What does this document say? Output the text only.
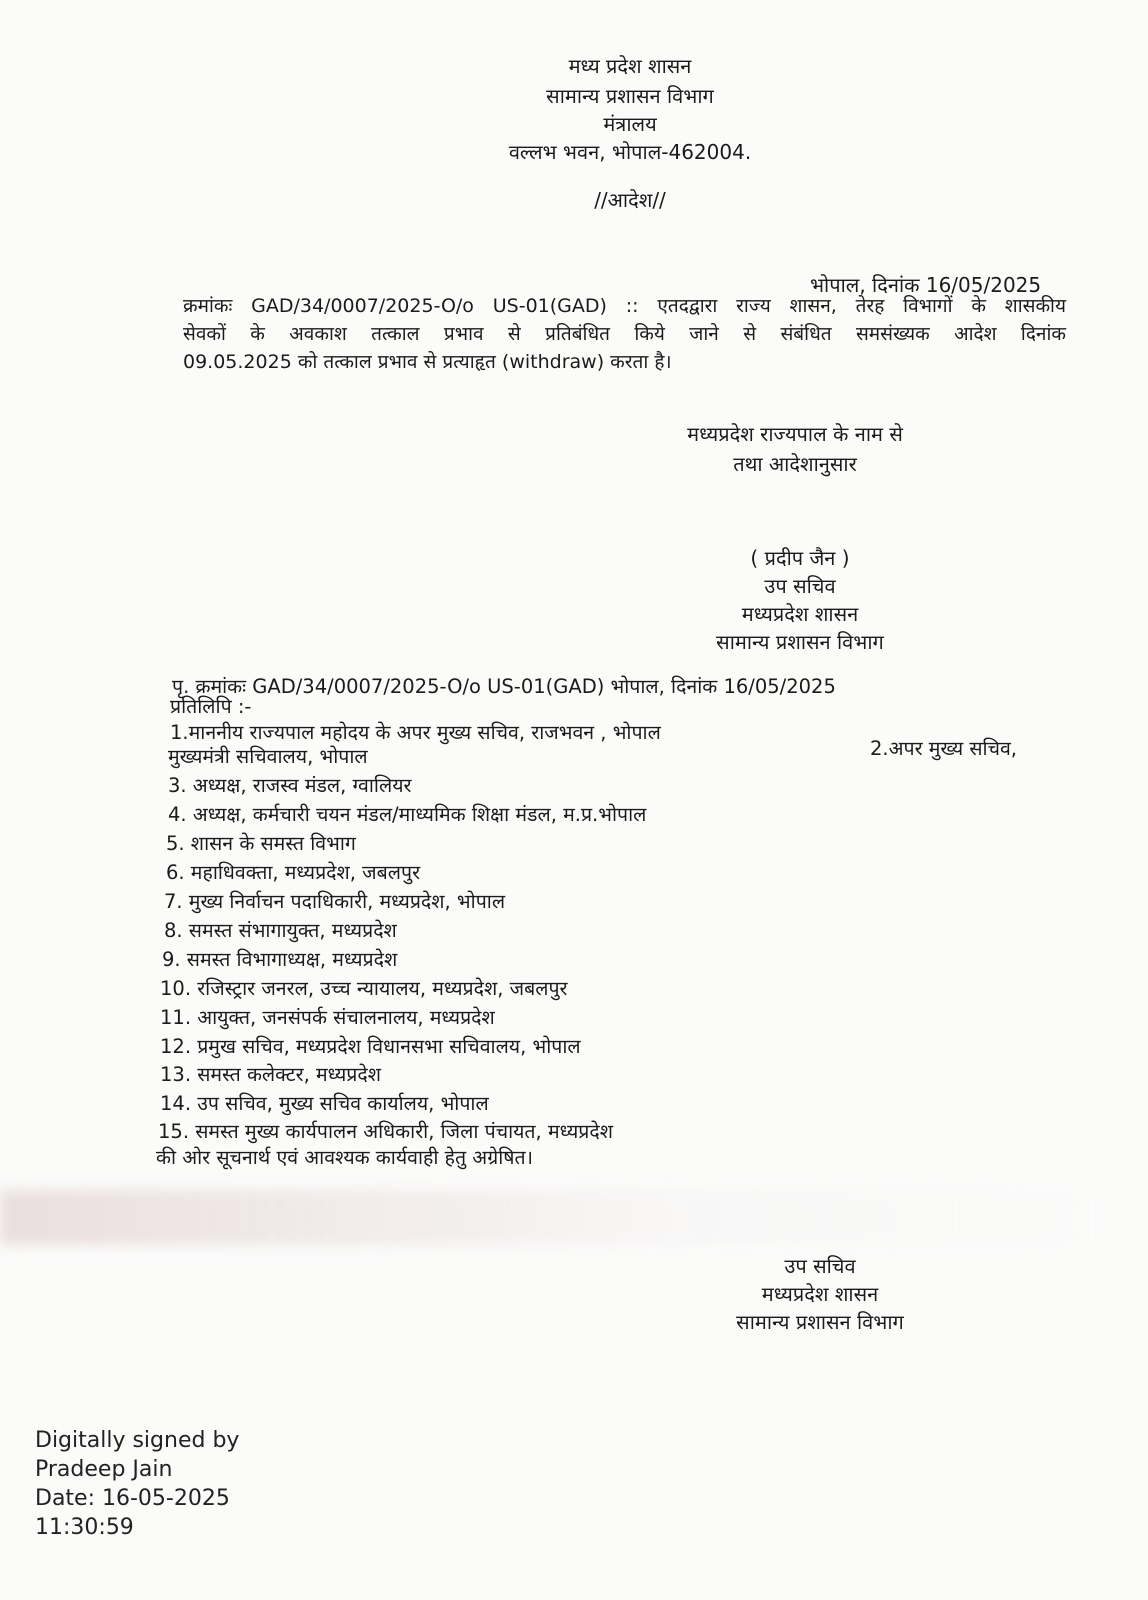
मध्य प्रदेश शासन
सामान्य प्रशासन विभाग
मंत्रालय
वल्लभ भवन, भोपाल-462004.
//आदेश//
भोपाल, दिनांक 16/05/2025
क्रमांकः GAD/34/0007/2025-O/o US-01(GAD) :: एतदद्वारा राज्य शासन, तेरह विभागों के शासकीय
सेवकों के अवकाश तत्काल प्रभाव से प्रतिबंधित किये जाने से संबंधित समसंख्यक आदेश दिनांक
09.05.2025 को तत्काल प्रभाव से प्रत्याहृत (withdraw) करता है।
मध्यप्रदेश राज्यपाल के नाम से
तथा आदेशानुसार
( प्रदीप जैन )
उप सचिव
मध्यप्रदेश शासन
सामान्य प्रशासन विभाग
पृ. क्रमांकः GAD/34/0007/2025-O/o US-01(GAD) भोपाल, दिनांक 16/05/2025
प्रतिलिपि :-
1.माननीय राज्यपाल महोदय के अपर मुख्य सचिव, राजभवन , भोपाल
2.अपर मुख्य सचिव,
मुख्यमंत्री सचिवालय, भोपाल
3. अध्यक्ष, राजस्व मंडल, ग्वालियर
4. अध्यक्ष, कर्मचारी चयन मंडल/माध्यमिक शिक्षा मंडल, म.प्र.भोपाल
5. शासन के समस्त विभाग
6. महाधिवक्ता, मध्यप्रदेश, जबलपुर
7. मुख्य निर्वाचन पदाधिकारी, मध्यप्रदेश, भोपाल
8. समस्त संभागायुक्त, मध्यप्रदेश
9. समस्त विभागाध्यक्ष, मध्यप्रदेश
10. रजिस्ट्रार जनरल, उच्च न्यायालय, मध्यप्रदेश, जबलपुर
11. आयुक्त, जनसंपर्क संचालनालय, मध्यप्रदेश
12. प्रमुख सचिव, मध्यप्रदेश विधानसभा सचिवालय, भोपाल
13. समस्त कलेक्टर, मध्यप्रदेश
14. उप सचिव, मुख्य सचिव कार्यालय, भोपाल
15. समस्त मुख्य कार्यपालन अधिकारी, जिला पंचायत, मध्यप्रदेश
की ओर सूचनार्थ एवं आवश्यक कार्यवाही हेतु अग्रेषित।
उप सचिव
मध्यप्रदेश शासन
सामान्य प्रशासन विभाग
Digitally signed by
Pradeep Jain
Date: 16-05-2025
11:30:59
